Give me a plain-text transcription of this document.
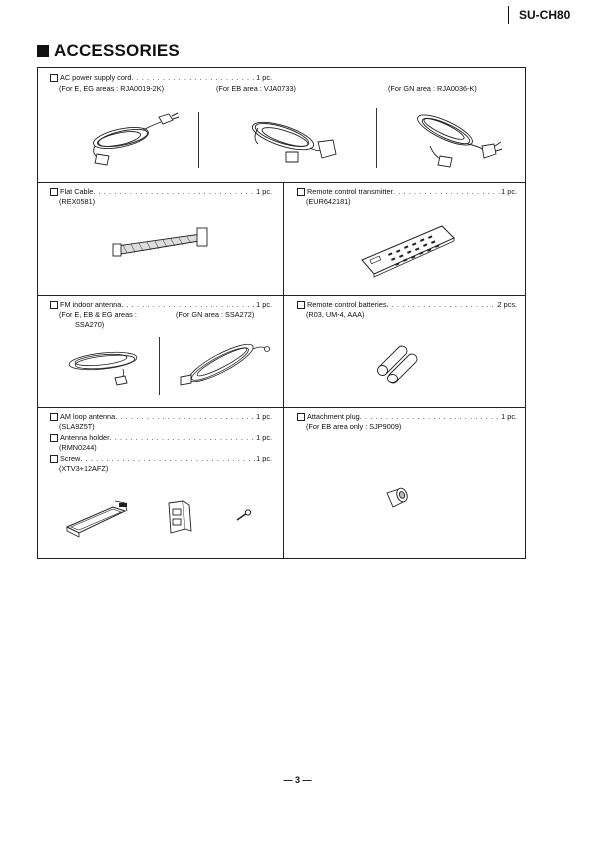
SU-CH80
ACCESSORIES
AC power supply cord . . .	1 pc.
(For E, EG areas : RJA0019-2K)	(For EB area : VJA0733)	(For GN area : RJA0036-K)
Flat Cable . . .	1 pc.
(REX0581)
Remote control transmitter . . .	1 pc.
(EUR642181)
FM indoor antenna . . .	1 pc.
(For E, EB & EG areas :
SSA270)
(For GN area : SSA272)
Remote control batteries . . .	2 pcs.
(R03, UM-4, AAA)
AM loop antenna . . .	1 pc.
(SLA9Z5T)
Antenna holder . . .	1 pc.
(RMN0244)
Screw . . .	1 pc.
(XTV3+12AFZ)
Attachment plug . . .	1 pc.
(For EB area only : SJP9009)
— 3 —
